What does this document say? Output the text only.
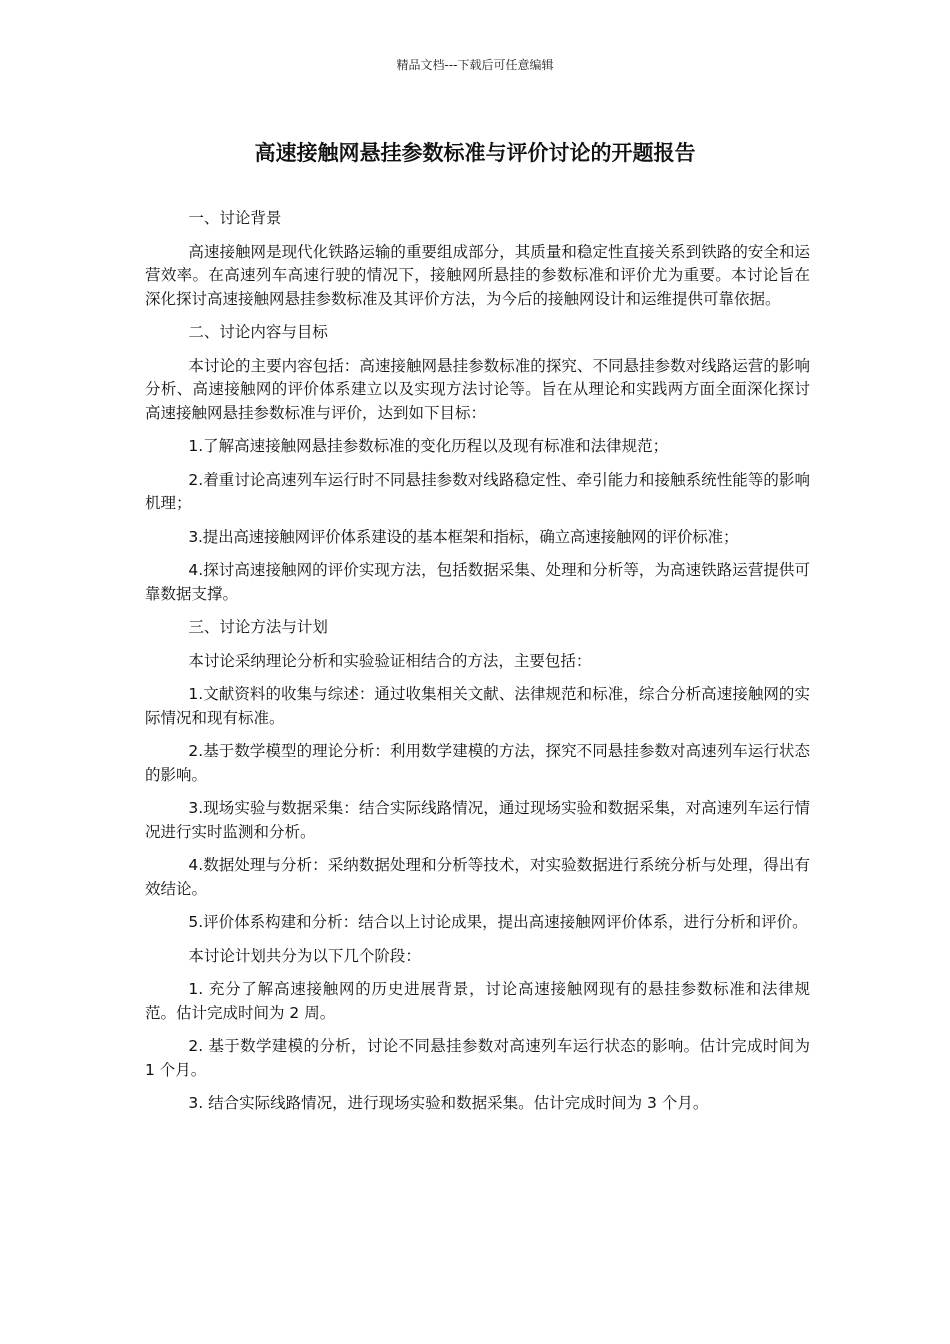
精品文档---下载后可任意编辑
高速接触网悬挂参数标准与评价讨论的开题报告

一、讨论背景

高速接触网是现代化铁路运输的重要组成部分，其质量和稳定性直接关系到铁路的安全和运营效率。在高速列车高速行驶的情况下，接触网所悬挂的参数标准和评价尤为重要。本讨论旨在深化探讨高速接触网悬挂参数标准及其评价方法，为今后的接触网设计和运维提供可靠依据。

二、讨论内容与目标

本讨论的主要内容包括：高速接触网悬挂参数标准的探究、不同悬挂参数对线路运营的影响分析、高速接触网的评价体系建立以及实现方法讨论等。旨在从理论和实践两方面全面深化探讨高速接触网悬挂参数标准与评价，达到如下目标：

1.了解高速接触网悬挂参数标准的变化历程以及现有标准和法律规范；

2.着重讨论高速列车运行时不同悬挂参数对线路稳定性、牵引能力和接触系统性能等的影响机理；

3.提出高速接触网评价体系建设的基本框架和指标，确立高速接触网的评价标准；

4.探讨高速接触网的评价实现方法，包括数据采集、处理和分析等，为高速铁路运营提供可靠数据支撑。

三、讨论方法与计划

本讨论采纳理论分析和实验验证相结合的方法，主要包括：

1.文献资料的收集与综述：通过收集相关文献、法律规范和标准，综合分析高速接触网的实际情况和现有标准。

2.基于数学模型的理论分析：利用数学建模的方法，探究不同悬挂参数对高速列车运行状态的影响。

3.现场实验与数据采集：结合实际线路情况，通过现场实验和数据采集，对高速列车运行情况进行实时监测和分析。

4.数据处理与分析：采纳数据处理和分析等技术，对实验数据进行系统分析与处理，得出有效结论。

5.评价体系构建和分析：结合以上讨论成果，提出高速接触网评价体系，进行分析和评价。

本讨论计划共分为以下几个阶段：

1. 充分了解高速接触网的历史进展背景，讨论高速接触网现有的悬挂参数标准和法律规范。估计完成时间为 2 周。

2. 基于数学建模的分析，讨论不同悬挂参数对高速列车运行状态的影响。估计完成时间为 1 个月。

3. 结合实际线路情况，进行现场实验和数据采集。估计完成时间为 3 个月。
